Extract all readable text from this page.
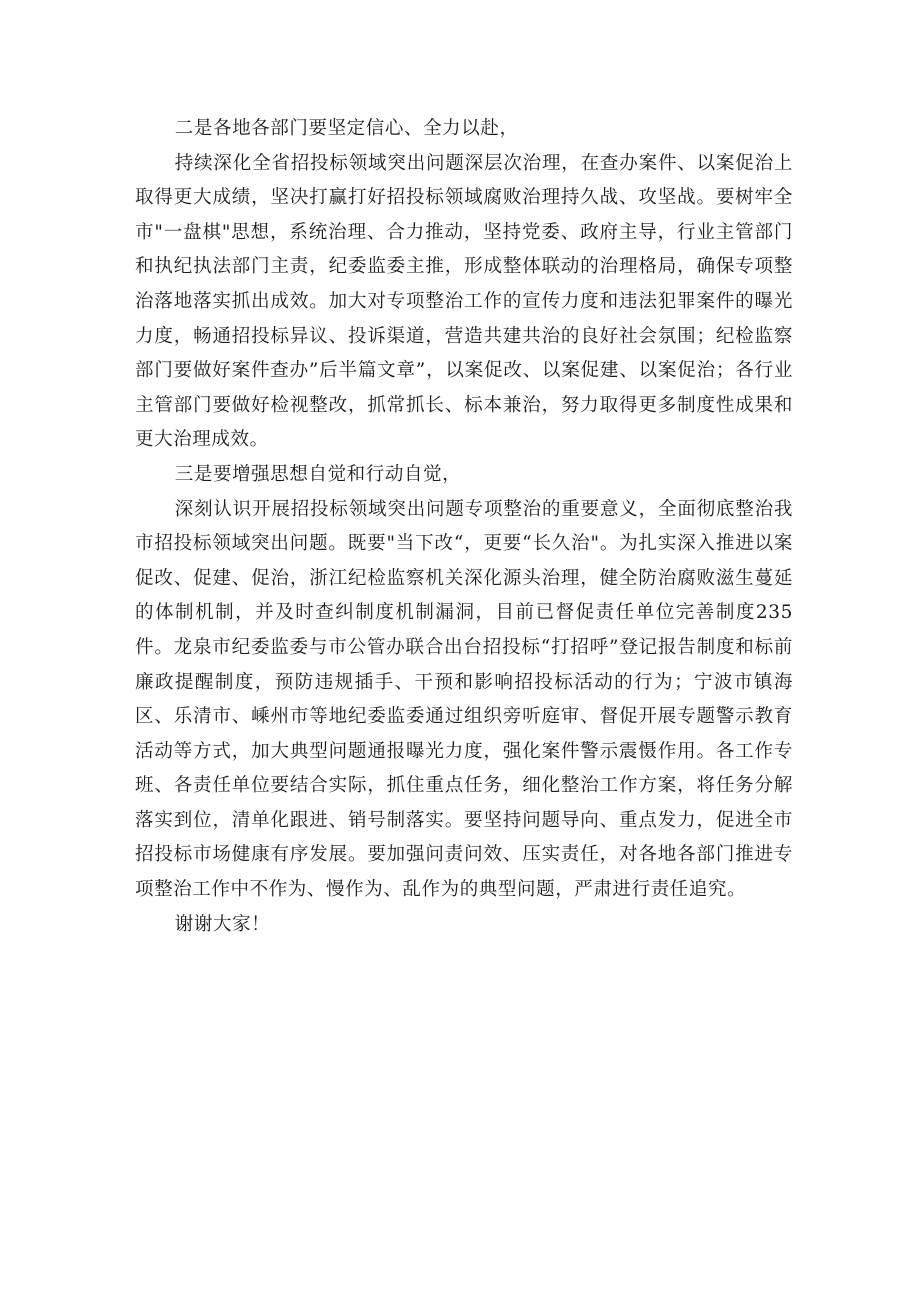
二是各地各部门要坚定信心、全力以赴，

持续深化全省招投标领域突出问题深层次治理，在查办案件、以案促治上取得更大成绩，坚决打赢打好招投标领域腐败治理持久战、攻坚战。要树牢全市"一盘棋"思想，系统治理、合力推动，坚持党委、政府主导，行业主管部门和执纪执法部门主责，纪委监委主推，形成整体联动的治理格局，确保专项整治落地落实抓出成效。加大对专项整治工作的宣传力度和违法犯罪案件的曝光力度，畅通招投标异议、投诉渠道，营造共建共治的良好社会氛围；纪检监察部门要做好案件查办”后半篇文章”，以案促改、以案促建、以案促治；各行业主管部门要做好检视整改，抓常抓长、标本兼治，努力取得更多制度性成果和更大治理成效。

三是要增强思想自觉和行动自觉，

深刻认识开展招投标领域突出问题专项整治的重要意义，全面彻底整治我市招投标领域突出问题。既要"当下改“，更要“长久治"。为扎实深入推进以案促改、促建、促治，浙江纪检监察机关深化源头治理，健全防治腐败滋生蔓延的体制机制，并及时查纠制度机制漏洞，目前已督促责任单位完善制度235件。龙泉市纪委监委与市公管办联合出台招投标“打招呼”登记报告制度和标前廉政提醒制度，预防违规插手、干预和影响招投标活动的行为；宁波市镇海区、乐清市、嵊州市等地纪委监委通过组织旁听庭审、督促开展专题警示教育活动等方式，加大典型问题通报曝光力度，强化案件警示震慑作用。各工作专班、各责任单位要结合实际，抓住重点任务，细化整治工作方案，将任务分解落实到位，清单化跟进、销号制落实。要坚持问题导向、重点发力，促进全市招投标市场健康有序发展。要加强问责问效、压实责任，对各地各部门推进专项整治工作中不作为、慢作为、乱作为的典型问题，严肃进行责任追究。

谢谢大家！
